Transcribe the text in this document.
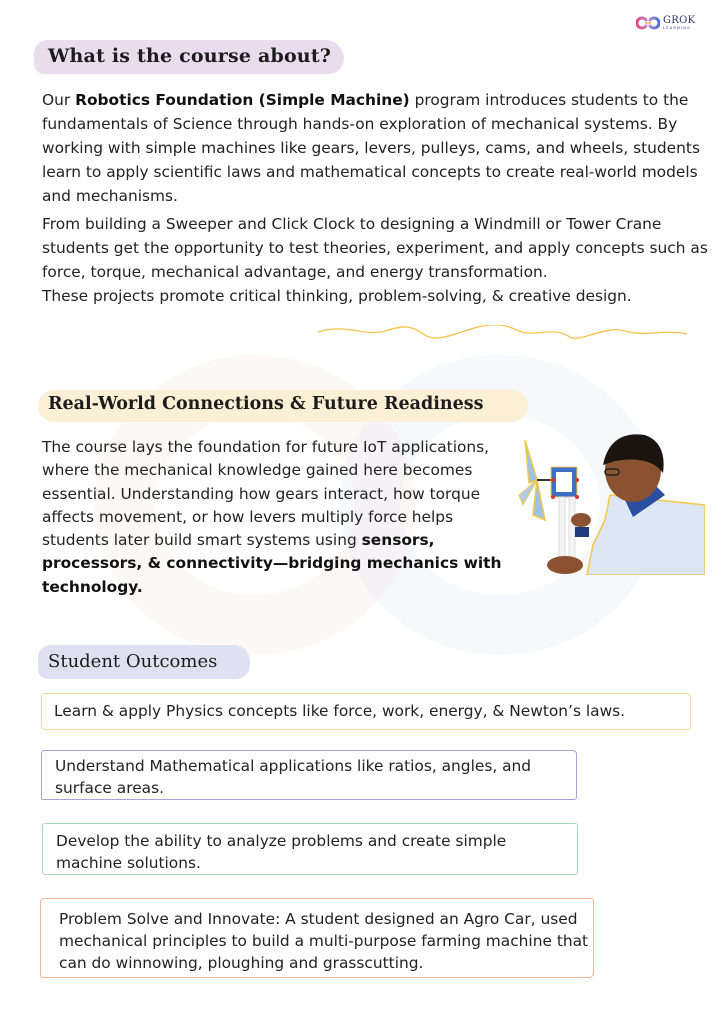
GROK
LEARNING
What is the course about?

Our Robotics Foundation (Simple Machine) program introduces students to the fundamentals of Science through hands-on exploration of mechanical systems. By working with simple machines like gears, levers, pulleys, cams, and wheels, students learn to apply scientific laws and mathematical concepts to create real-world models and mechanisms.

From building a Sweeper and Click Clock to designing a Windmill or Tower Crane students get the opportunity to test theories, experiment, and apply concepts such as force, torque, mechanical advantage, and energy transformation.
These projects promote critical thinking, problem-solving, & creative design.

Real-World Connections & Future Readiness

The course lays the foundation for future IoT applications, where the mechanical knowledge gained here becomes essential. Understanding how gears interact, how torque affects movement, or how levers multiply force helps students later build smart systems using sensors, processors, & connectivity—bridging mechanics with technology.

Student Outcomes
Learn & apply Physics concepts like force, work, energy, & Newton’s laws.
Understand Mathematical applications like ratios, angles, and surface areas.
Develop the ability to analyze problems and create simple machine solutions.
Problem Solve and Innovate: A student designed an Agro Car, used mechanical principles to build a multi-purpose farming machine that can do winnowing, ploughing and grasscutting.
